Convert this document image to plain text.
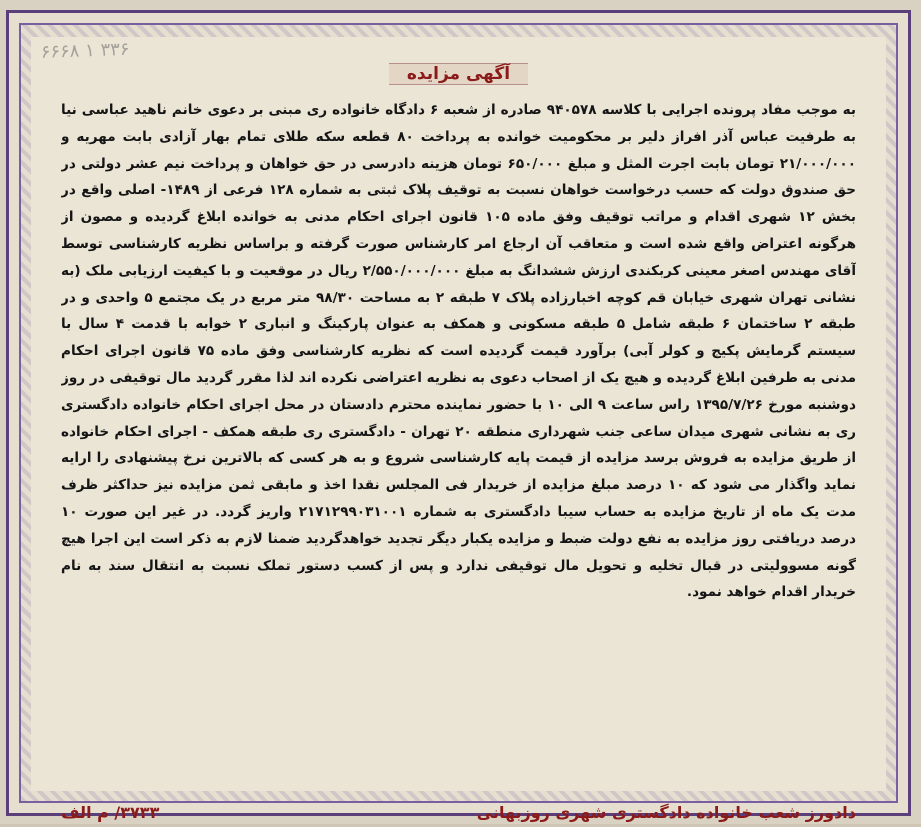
۶۶۶۸ ۱ ۳۳۶
آگهی مزایده
به موجب مفاد پرونده اجرایی با کلاسه ۹۴۰۵۷۸ صادره از شعبه ۶ دادگاه خانواده ری مبنی بر دعوی خانم ناهید عباسی نیا به طرفیت عباس آذر افراز دلیر بر محکومیت خوانده به پرداخت ۸۰ قطعه سکه طلای تمام بهار آزادی بابت مهریه و ۲۱/۰۰۰/۰۰۰ تومان بابت اجرت المثل و مبلغ ۶۵۰/۰۰۰ تومان هزینه دادرسی در حق خواهان و پرداخت نیم عشر دولتی در حق صندوق دولت که حسب درخواست خواهان نسبت به توقیف پلاک ثبتی به شماره ۱۲۸ فرعی از ۱۴۸۹- اصلی واقع در بخش ۱۲ شهری اقدام و مراتب توقیف وفق ماده ۱۰۵ قانون اجرای احکام مدنی به خوانده ابلاغ گردیده و مصون از هرگونه اعتراض واقع شده است و متعاقب آن ارجاع امر کارشناس صورت گرفته و براساس نظریه کارشناسی توسط آقای مهندس اصغر معینی کربکندی ارزش ششدانگ به مبلغ ۲/۵۵۰/۰۰۰/۰۰۰ ریال در موقعیت و با کیفیت ارزیابی ملک (به نشانی تهران شهری خیابان قم کوچه اخبارزاده پلاک ۷ طبقه ۲ به مساحت ۹۸/۳۰ متر مربع در یک مجتمع ۵ واحدی و در طبقه ۲ ساختمان ۶ طبقه شامل ۵ طبقه مسکونی و همکف به عنوان پارکینگ و انباری ۲ خوابه با قدمت ۴ سال با سیستم گرمایش پکیج و کولر آبی) برآورد قیمت گردیده است که نظریه کارشناسی وفق ماده ۷۵ قانون اجرای احکام مدنی به طرفین ابلاغ گردیده و هیچ یک از اصحاب دعوی به نظریه اعتراضی نکرده اند لذا مقرر گردید مال توقیفی در روز دوشنبه مورخ ۱۳۹۵/۷/۲۶ راس ساعت ۹ الی ۱۰ با حضور نماینده محترم دادستان در محل اجرای احکام خانواده دادگستری ری به نشانی شهری میدان ساعی جنب شهرداری منطقه ۲۰ تهران - دادگستری ری طبقه همکف - اجرای احکام خانواده از طریق مزایده به فروش برسد مزایده از قیمت پایه کارشناسی شروع و به هر کسی که بالاترین نرخ پیشنهادی را ارایه نماید واگذار می شود که ۱۰ درصد مبلغ مزایده از خریدار فی المجلس نقدا اخذ و مابقی ثمن مزایده نیز حداکثر ظرف مدت یک ماه از تاریخ مزایده به حساب سیبا دادگستری به شماره ۲۱۷۱۲۹۹۰۳۱۰۰۱ واریز گردد. در غیر این صورت ۱۰ درصد دریافتی روز مزایده به نفع دولت ضبط و مزایده یکبار دیگر تجدید خواهدگردید ضمنا لازم به ذکر است این اجرا هیچ گونه مسوولیتی در قبال تخلیه و تحویل مال توقیفی ندارد و پس از کسب دستور تملک نسبت به انتقال سند به نام خریدار اقدام خواهد نمود.
دادورز شعب خانواده دادگستری شهری روزبهانی
۳۷۳۳/ م الف
